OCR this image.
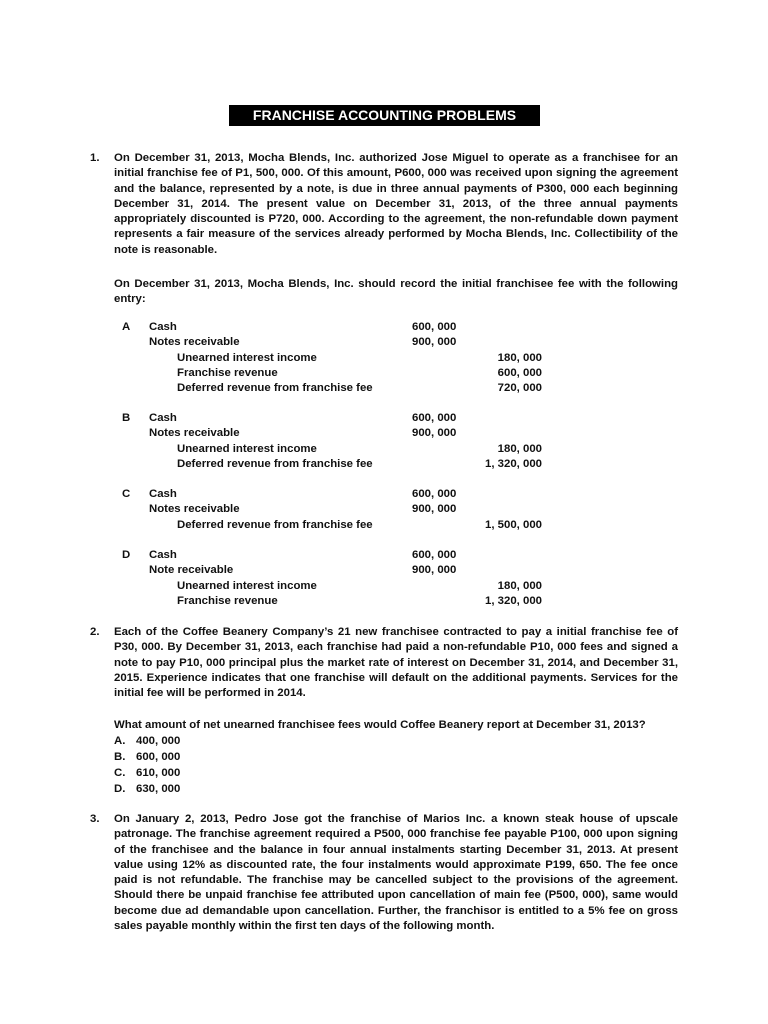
FRANCHISE ACCOUNTING PROBLEMS
1.	On December 31, 2013, Mocha Blends, Inc. authorized Jose Miguel to operate as a franchisee for an initial franchise fee of P1, 500, 000. Of this amount, P600, 000 was received upon signing the agreement and the balance, represented by a note, is due in three annual payments of P300, 000 each beginning December 31, 2014. The present value on December 31, 2013, of the three annual payments appropriately discounted is P720, 000. According to the agreement, the non-refundable down payment represents a fair measure of the services already performed by Mocha Blends, Inc. Collectibility of the note is reasonable.
On December 31, 2013, Mocha Blends, Inc. should record the initial franchisee fee with the following entry:
A Cash	600, 000
Notes receivable	900, 000
Unearned interest income	180, 000
Franchise revenue	600, 000
Deferred revenue from franchise fee	720, 000
B Cash	600, 000
Notes receivable	900, 000
Unearned interest income	180, 000
Deferred revenue from franchise fee	1, 320, 000
C Cash	600, 000
Notes receivable	900, 000
Deferred revenue from franchise fee	1, 500, 000
D Cash	600, 000
Note receivable	900, 000
Unearned interest income	180, 000
Franchise revenue	1, 320, 000
2.	Each of the Coffee Beanery Company’s 21 new franchisee contracted to pay a initial franchise fee of P30, 000. By December 31, 2013, each franchise had paid a non-refundable P10, 000 fees and signed a note to pay P10, 000 principal plus the market rate of interest on December 31, 2014, and December 31, 2015. Experience indicates that one franchise will default on the additional payments. Services for the initial fee will be performed in 2014.
What amount of net unearned franchisee fees would Coffee Beanery report at December 31, 2013?
A. 400, 000
B. 600, 000
C. 610, 000
D. 630, 000
3.	On January 2, 2013, Pedro Jose got the franchise of Marios Inc. a known steak house of upscale patronage. The franchise agreement required a P500, 000 franchise fee payable P100, 000 upon signing of the franchisee and the balance in four annual instalments starting December 31, 2013. At present value using 12% as discounted rate, the four instalments would approximate P199, 650. The fee once paid is not refundable. The franchise may be cancelled subject to the provisions of the agreement. Should there be unpaid franchise fee attributed upon cancellation of main fee (P500, 000), same would become due ad demandable upon cancellation. Further, the franchisor is entitled to a 5% fee on gross sales payable monthly within the first ten days of the following month.
